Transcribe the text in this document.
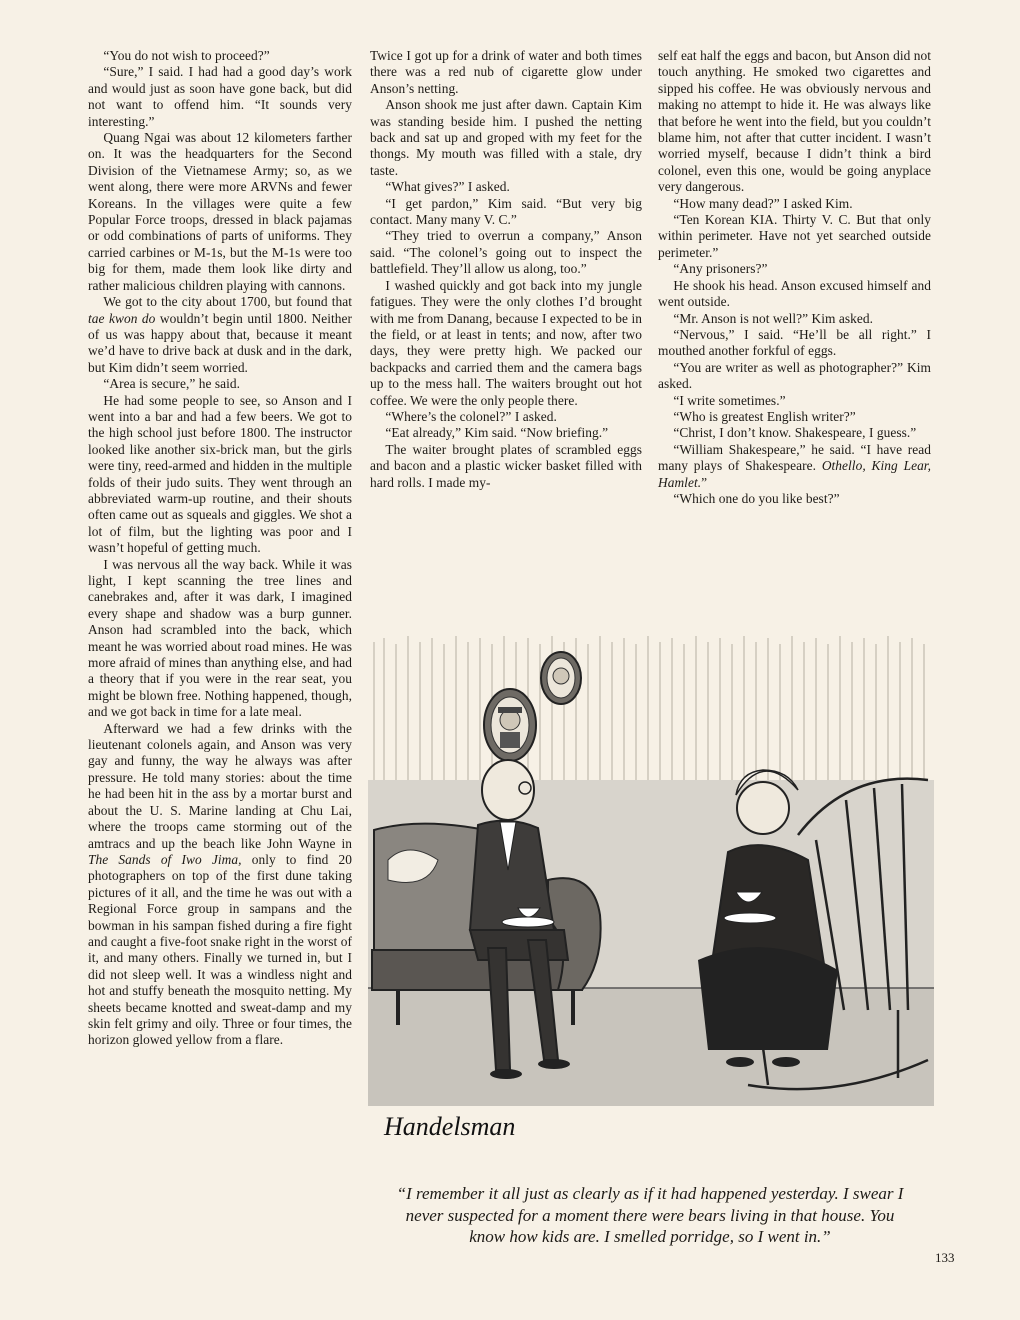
“You do not wish to proceed?”

“Sure,” I said. I had had a good day’s work and would just as soon have gone back, but did not want to offend him. “It sounds very interesting.”

Quang Ngai was about 12 kilometers farther on. It was the headquarters for the Second Division of the Vietnamese Army; so, as we went along, there were more ARVNs and fewer Koreans. In the villages were quite a few Popular Force troops, dressed in black pajamas or odd combinations of parts of uniforms. They carried carbines or M-1s, but the M-1s were too big for them, made them look like dirty and rather malicious children playing with cannons.

We got to the city about 1700, but found that tae kwon do wouldn’t begin until 1800. Neither of us was happy about that, because it meant we’d have to drive back at dusk and in the dark, but Kim didn’t seem worried.

“Area is secure,” he said.

He had some people to see, so Anson and I went into a bar and had a few beers. We got to the high school just before 1800. The instructor looked like another six-brick man, but the girls were tiny, reed-armed and hidden in the multiple folds of their judo suits. They went through an abbreviated warm-up routine, and their shouts often came out as squeals and giggles. We shot a lot of film, but the lighting was poor and I wasn’t hopeful of getting much.

I was nervous all the way back. While it was light, I kept scanning the tree lines and canebrakes and, after it was dark, I imagined every shape and shadow was a burp gunner. Anson had scrambled into the back, which meant he was worried about road mines. He was more afraid of mines than anything else, and had a theory that if you were in the rear seat, you might be blown free. Nothing happened, though, and we got back in time for a late meal.

Afterward we had a few drinks with the lieutenant colonels again, and Anson was very gay and funny, the way he always was after pressure. He told many stories: about the time he had been hit in the ass by a mortar burst and about the U. S. Marine landing at Chu Lai, where the troops came storming out of the amtracs and up the beach like John Wayne in The Sands of Iwo Jima, only to find 20 photographers on top of the first dune taking pictures of it all, and the time he was out with a Regional Force group in sampans and the bowman in his sampan fished during a fire fight and caught a five-foot snake right in the worst of it, and many others. Finally we turned in, but I did not sleep well. It was a windless night and hot and stuffy beneath the mosquito netting. My sheets became knotted and sweat-damp and my skin felt grimy and oily. Three or four times, the horizon glowed yellow from a flare.

Twice I got up for a drink of water and both times there was a red nub of cigarette glow under Anson’s netting.

Anson shook me just after dawn. Captain Kim was standing beside him. I pushed the netting back and sat up and groped with my feet for the thongs. My mouth was filled with a stale, dry taste.

“What gives?” I asked.

“I get pardon,” Kim said. “But very big contact. Many many V. C.”

“They tried to overrun a company,” Anson said. “The colonel’s going out to inspect the battlefield. They’ll allow us along, too.”

I washed quickly and got back into my jungle fatigues. They were the only clothes I’d brought with me from Danang, because I expected to be in the field, or at least in tents; and now, after two days, they were pretty high. We packed our backpacks and carried them and the camera bags up to the mess hall. The waiters brought out hot coffee. We were the only people there.

“Where’s the colonel?” I asked.

“Eat already,” Kim said. “Now briefing.”

The waiter brought plates of scrambled eggs and bacon and a plastic wicker basket filled with hard rolls. I made my-

self eat half the eggs and bacon, but Anson did not touch anything. He smoked two cigarettes and sipped his coffee. He was obviously nervous and making no attempt to hide it. He was always like that before he went into the field, but you couldn’t blame him, not after that cutter incident. I wasn’t worried myself, because I didn’t think a bird colonel, even this one, would be going anyplace very dangerous.

“How many dead?” I asked Kim.

“Ten Korean KIA. Thirty V. C. But that only within perimeter. Have not yet searched outside perimeter.”

“Any prisoners?”

He shook his head. Anson excused himself and went outside.

“Mr. Anson is not well?” Kim asked.

“Nervous,” I said. “He’ll be all right.” I mouthed another forkful of eggs.

“You are writer as well as photographer?” Kim asked.

“I write sometimes.”

“Who is greatest English writer?”

“Christ, I don’t know. Shakespeare, I guess.”

“William Shakespeare,” he said. “I have read many plays of Shakespeare. Othello, King Lear, Hamlet.”

“Which one do you like best?”

Handelsman
“I remember it all just as clearly as if it had happened yesterday. I swear I never suspected for a moment there were bears living in that house. You know how kids are. I smelled porridge, so I went in.”
133
